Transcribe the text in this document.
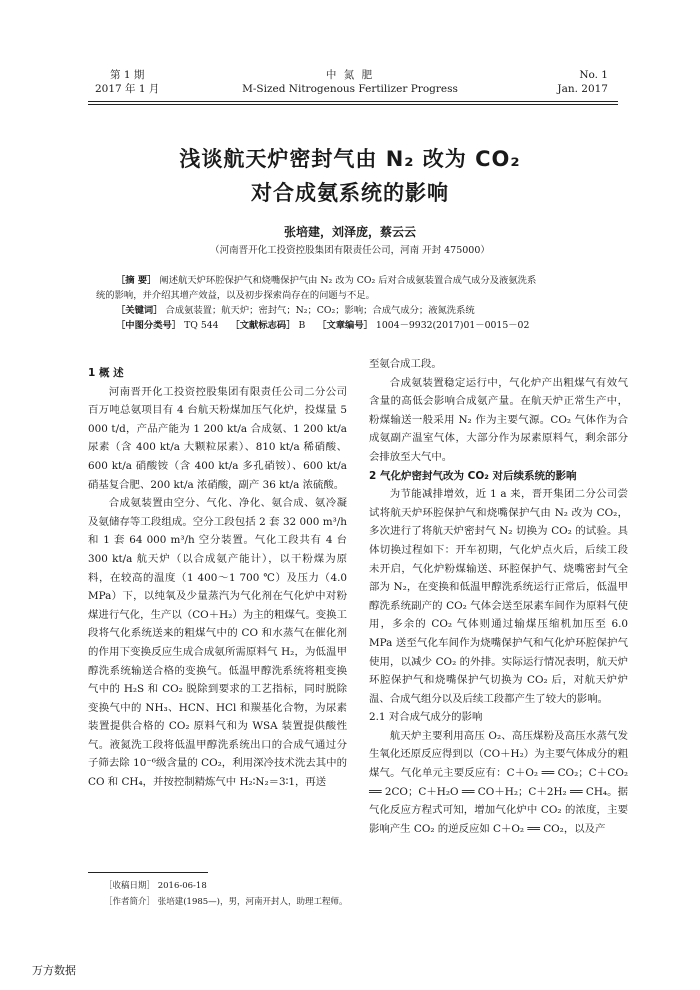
第 1 期
2017 年 1 月
中 氮 肥
M-Sized Nitrogenous Fertilizer Progress
No. 1
Jan. 2017
浅谈航天炉密封气由 N₂ 改为 CO₂
对合成氨系统的影响
张培建，刘泽庞，蔡云云
（河南晋开化工投资控股集团有限责任公司，河南 开封 475000）
［摘 要］ 阐述航天炉环腔保护气和烧嘴保护气由 N₂ 改为 CO₂ 后对合成氨装置合成气成分及液氨洗系
统的影响，并介绍其增产效益，以及初步探索尚存在的问题与不足。
［关键词］ 合成氨装置；航天炉；密封气；N₂；CO₂；影响；合成气成分；液氮洗系统
［中图分类号］ TQ 544 ［文献标志码］ B ［文章编号］ 1004－9932(2017)01－0015－02

1 概 述

河南晋开化工投资控股集团有限责任公司二分公司百万吨总氨项目有 4 台航天粉煤加压气化炉，投煤量 5 000 t/d，产品产能为 1 200 kt/a 合成氨、1 200 kt/a 尿素（含 400 kt/a 大颗粒尿素）、810 kt/a 稀硝酸、600 kt/a 硝酸铵（含 400 kt/a 多孔硝铵）、600 kt/a 硝基复合肥、200 kt/a 浓硝酸，副产 36 kt/a 浓硫酸。

合成氨装置由空分、气化、净化、氨合成、氨冷凝及氨储存等工段组成。空分工段包括 2 套 32 000 m³/h 和 1 套 64 000 m³/h 空分装置。气化工段共有 4 台 300 kt/a 航天炉（以合成氨产能计），以干粉煤为原料，在较高的温度（1 400～1 700 ℃）及压力（4.0 MPa）下，以纯氧及少量蒸汽为气化剂在气化炉中对粉煤进行气化，生产以（CO＋H₂）为主的粗煤气。变换工段将气化系统送来的粗煤气中的 CO 和水蒸气在催化剂的作用下变换反应生成合成氨所需原料气 H₂，为低温甲醇洗系统输送合格的变换气。低温甲醇洗系统将粗变换气中的 H₂S 和 CO₂ 脱除到要求的工艺指标，同时脱除变换气中的 NH₃、HCN、HCl 和羰基化合物，为尿素装置提供合格的 CO₂ 原料气和为 WSA 装置提供酸性气。液氮洗工段将低温甲醇洗系统出口的合成气通过分子筛去除 10⁻⁶级含量的 CO₂，利用深冷技术洗去其中的 CO 和 CH₄，并按控制精炼气中 H₂∶N₂＝3∶1，再送

至氨合成工段。

合成氨装置稳定运行中，气化炉产出粗煤气有效气含量的高低会影响合成氨产量。在航天炉正常生产中，粉煤输送一般采用 N₂ 作为主要气源。CO₂ 气体作为合成氨副产温室气体，大部分作为尿素原料气，剩余部分会排放至大气中。

2 气化炉密封气改为 CO₂ 对后续系统的影响

为节能减排增效，近 1 a 来，晋开集团二分公司尝试将航天炉环腔保护气和烧嘴保护气由 N₂ 改为 CO₂，多次进行了将航天炉密封气 N₂ 切换为 CO₂ 的试验。具体切换过程如下：开车初期，气化炉点火后，后续工段未开启，气化炉粉煤输送、环腔保护气、烧嘴密封气全部为 N₂，在变换和低温甲醇洗系统运行正常后，低温甲醇洗系统副产的 CO₂ 气体会送至尿素车间作为原料气使用，多余的 CO₂ 气体则通过输煤压缩机加压至 6.0 MPa 送至气化车间作为烧嘴保护气和气化炉环腔保护气使用，以减少 CO₂ 的外排。实际运行情况表明，航天炉环腔保护气和烧嘴保护气切换为 CO₂ 后，对航天炉炉温、合成气组分以及后续工段都产生了较大的影响。

2.1 对合成气成分的影响

航天炉主要利用高压 O₂、高压煤粉及高压水蒸气发生氧化还原反应得到以（CO＋H₂）为主要气体成分的粗煤气。气化单元主要反应有：C＋O₂ ══ CO₂；C＋CO₂ ══ 2CO；C＋H₂O ══ CO＋H₂；C＋2H₂ ══ CH₄。据气化反应方程式可知，增加气化炉中 CO₂ 的浓度，主要影响产生 CO₂ 的逆反应如 C＋O₂ ══ CO₂，以及产

［收稿日期］ 2016-06-18
［作者简介］ 张培建(1985—)，男，河南开封人，助理工程师。
万方数据
